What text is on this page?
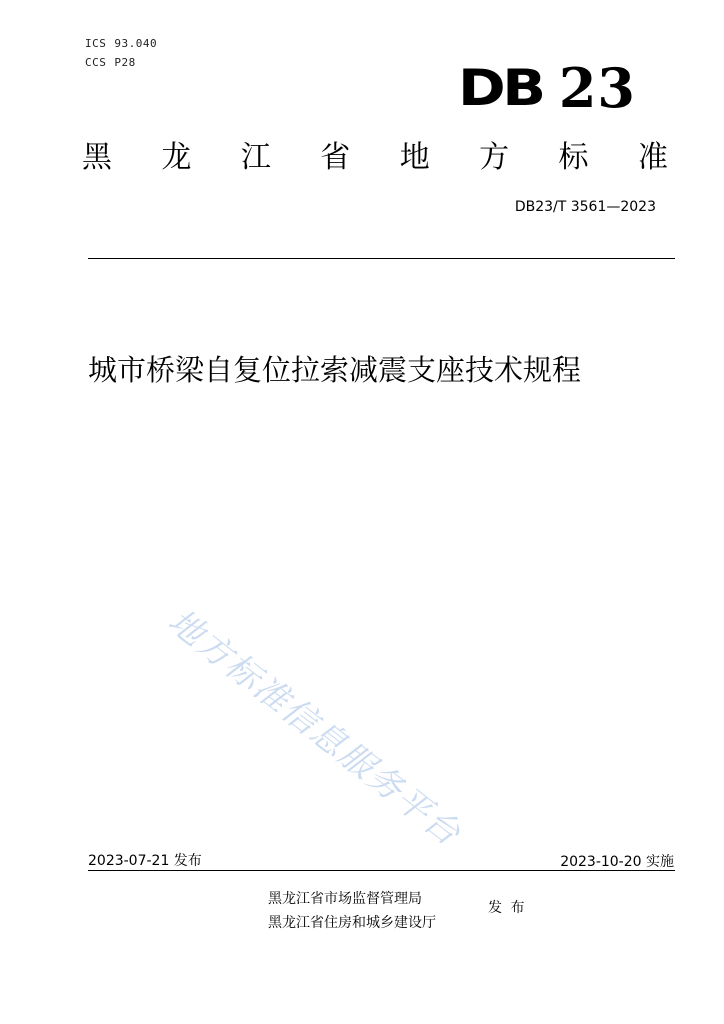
ICS 93.040
CCS P28	DB 23
黑 龙 江 省 地 方 标 准
DB23/T 3561—2023
城市桥梁自复位拉索减震支座技术规程
地方标准信息服务平台
2023-07-21 发布	2023-10-20 实施
黑龙江省市场监督管理局
黑龙江省住房和城乡建设厅
发 布
